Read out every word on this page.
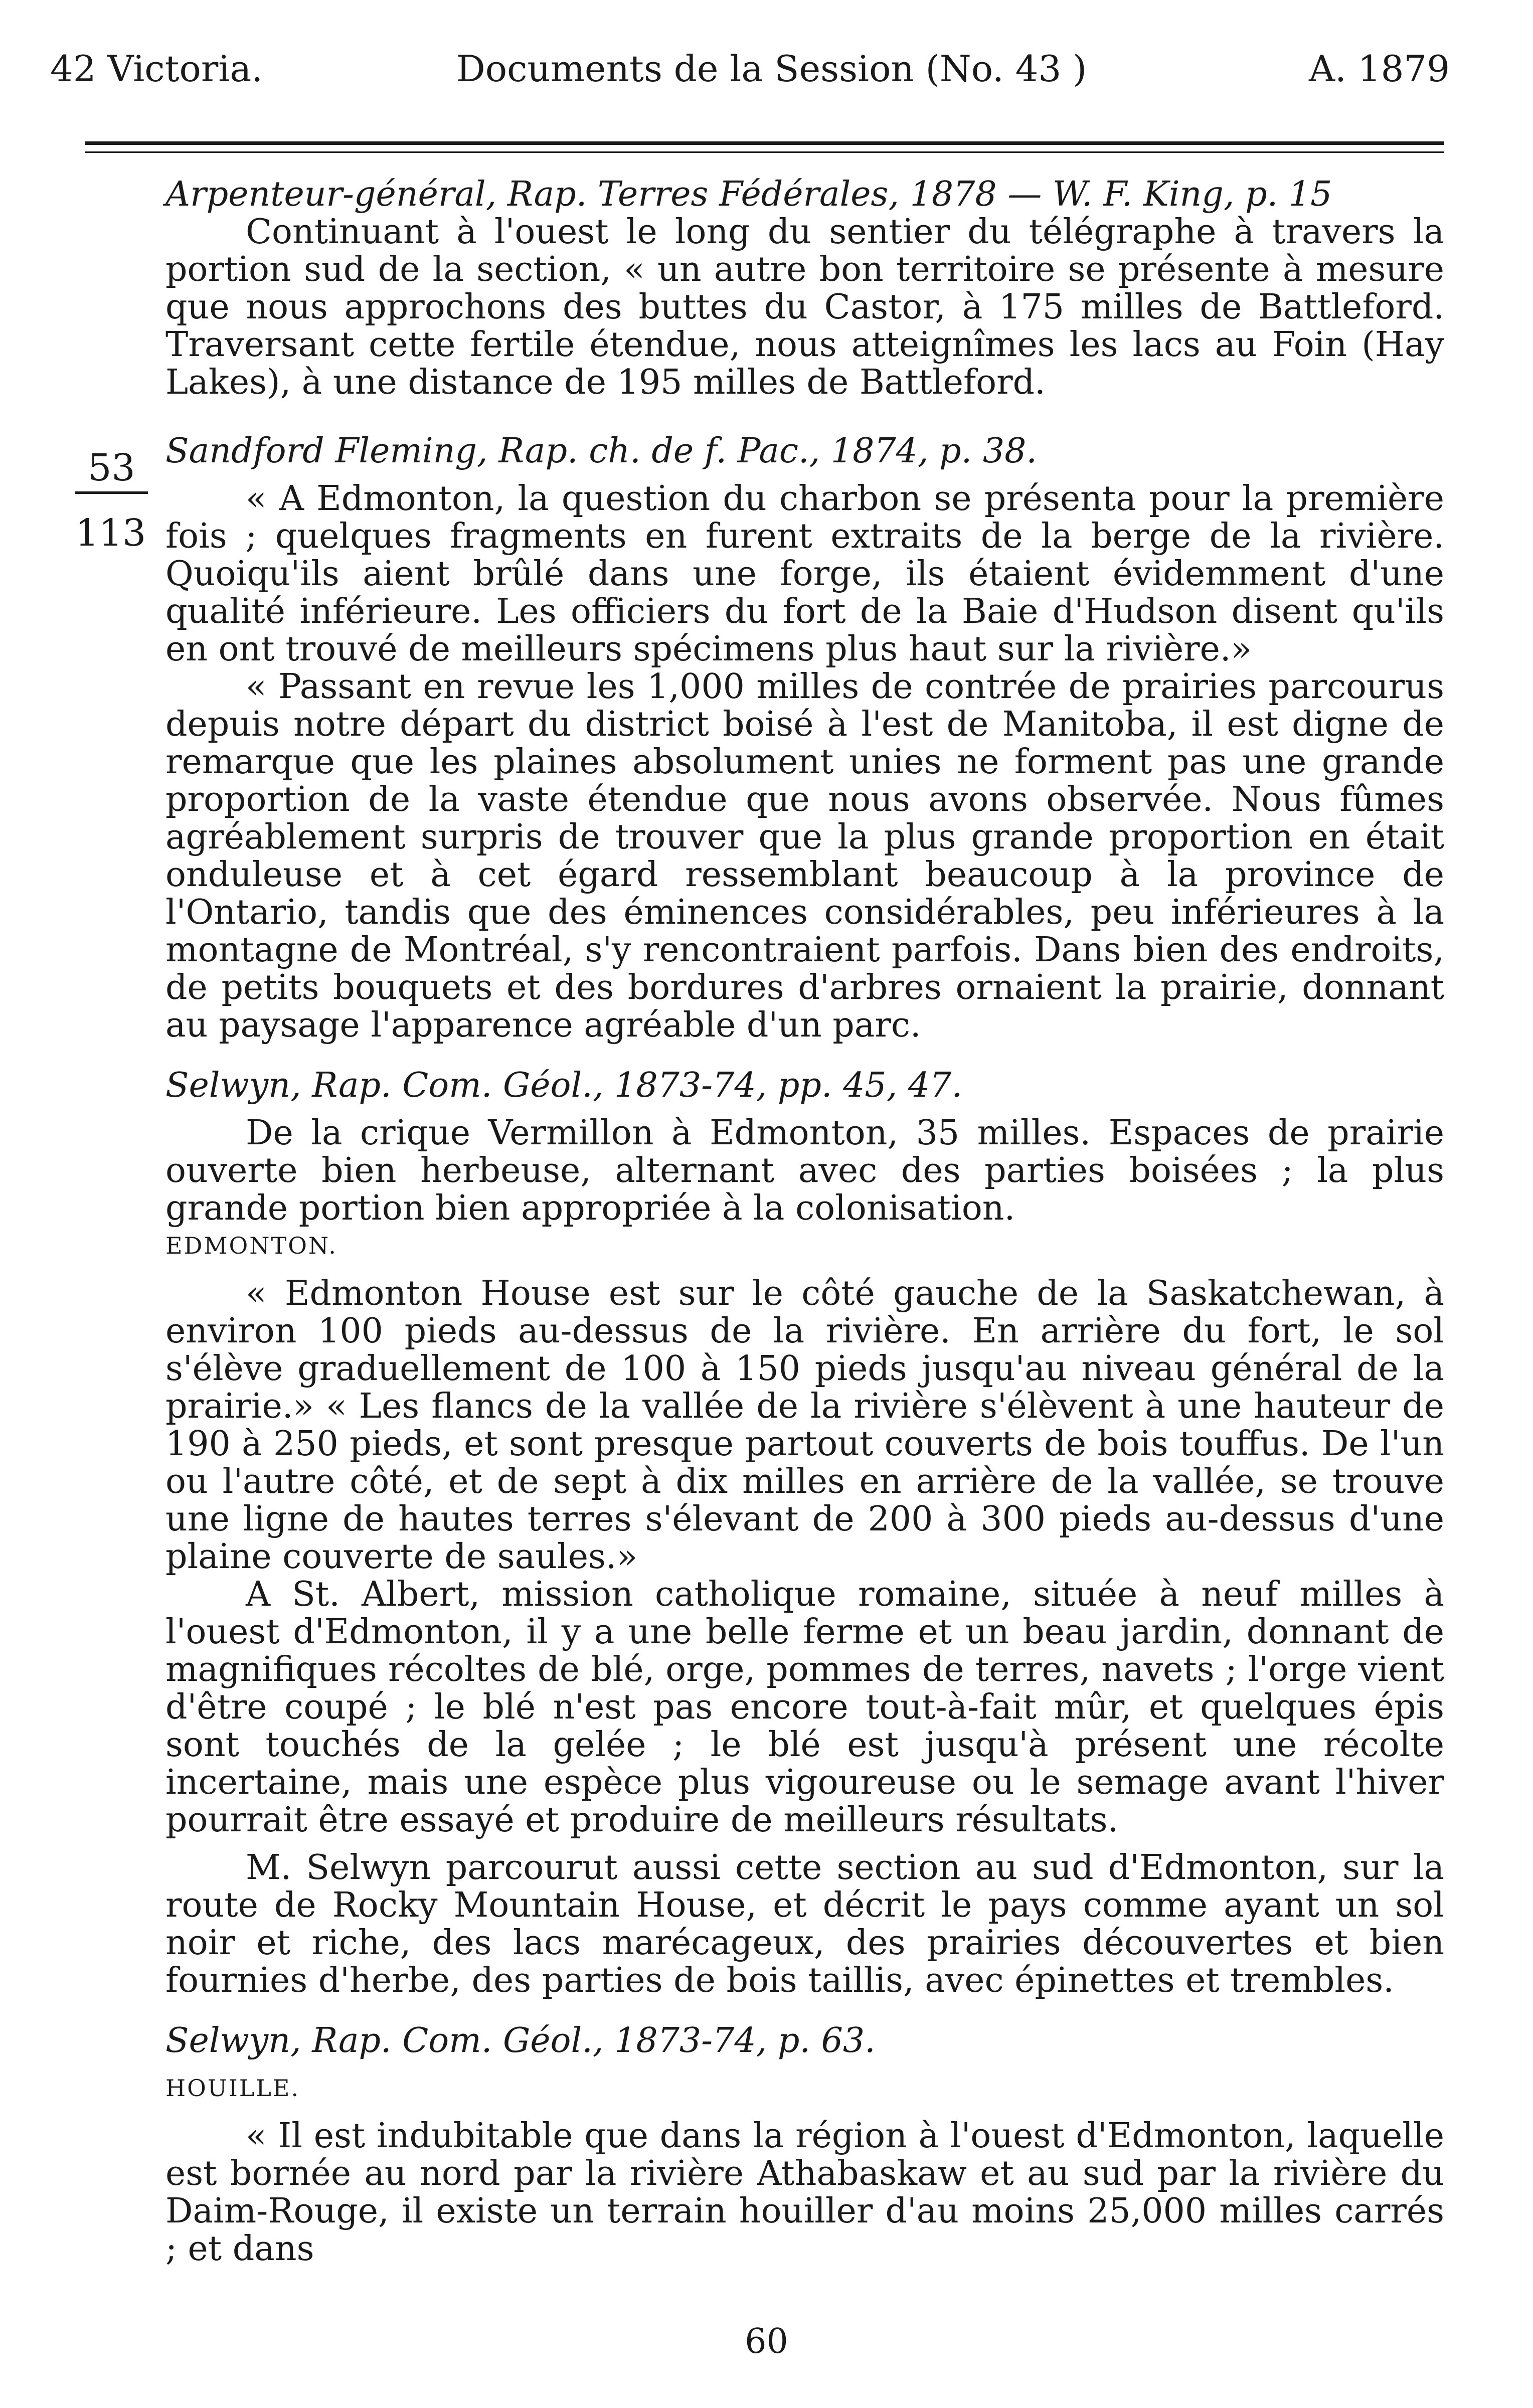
42 Victoria.	Documents de la Session (No. 43 )	A. 1879
53
113

Arpenteur-général, Rap. Terres Fédérales, 1878 — W. F. King, p. 15

Continuant à l'ouest le long du sentier du télégraphe à travers la portion sud de la section, « un autre bon territoire se présente à mesure que nous approchons des buttes du Castor, à 175 milles de Battleford. Traversant cette fertile étendue, nous atteignîmes les lacs au Foin (Hay Lakes), à une distance de 195 milles de Battleford.

Sandford Fleming, Rap. ch. de f. Pac., 1874, p. 38.

« A Edmonton, la question du charbon se présenta pour la première fois ; quelques fragments en furent extraits de la berge de la rivière. Quoiqu'ils aient brûlé dans une forge, ils étaient évidemment d'une qualité inférieure. Les officiers du fort de la Baie d'Hudson disent qu'ils en ont trouvé de meilleurs spécimens plus haut sur la rivière.»

« Passant en revue les 1,000 milles de contrée de prairies parcourus depuis notre départ du district boisé à l'est de Manitoba, il est digne de remarque que les plaines absolument unies ne forment pas une grande proportion de la vaste étendue que nous avons observée. Nous fûmes agréablement surpris de trouver que la plus grande proportion en était onduleuse et à cet égard ressemblant beaucoup à la province de l'Ontario, tandis que des éminences considérables, peu inférieures à la montagne de Montréal, s'y rencontraient parfois. Dans bien des endroits, de petits bouquets et des bordures d'arbres ornaient la prairie, donnant au paysage l'apparence agréable d'un parc.

Selwyn, Rap. Com. Géol., 1873-74, pp. 45, 47.

De la crique Vermillon à Edmonton, 35 milles. Espaces de prairie ouverte bien herbeuse, alternant avec des parties boisées ; la plus grande portion bien appropriée à la colonisation.

EDMONTON.

« Edmonton House est sur le côté gauche de la Saskatchewan, à environ 100 pieds au-dessus de la rivière. En arrière du fort, le sol s'élève graduellement de 100 à 150 pieds jusqu'au niveau général de la prairie.» « Les flancs de la vallée de la rivière s'élèvent à une hauteur de 190 à 250 pieds, et sont presque partout couverts de bois touffus. De l'un ou l'autre côté, et de sept à dix milles en arrière de la vallée, se trouve une ligne de hautes terres s'élevant de 200 à 300 pieds au-dessus d'une plaine couverte de saules.»

A St. Albert, mission catholique romaine, située à neuf milles à l'ouest d'Edmonton, il y a une belle ferme et un beau jardin, donnant de magnifiques récoltes de blé, orge, pommes de terres, navets ; l'orge vient d'être coupé ; le blé n'est pas encore tout-à-fait mûr, et quelques épis sont touchés de la gelée ; le blé est jusqu'à présent une récolte incertaine, mais une espèce plus vigoureuse ou le semage avant l'hiver pourrait être essayé et produire de meilleurs résultats.

M. Selwyn parcourut aussi cette section au sud d'Edmonton, sur la route de Rocky Mountain House, et décrit le pays comme ayant un sol noir et riche, des lacs marécageux, des prairies découvertes et bien fournies d'herbe, des parties de bois taillis, avec épinettes et trembles.

Selwyn, Rap. Com. Géol., 1873-74, p. 63.

HOUILLE.

« Il est indubitable que dans la région à l'ouest d'Edmonton, laquelle est bornée au nord par la rivière Athabaskaw et au sud par la rivière du Daim-Rouge, il existe un terrain houiller d'au moins 25,000 milles carrés ; et dans

60
